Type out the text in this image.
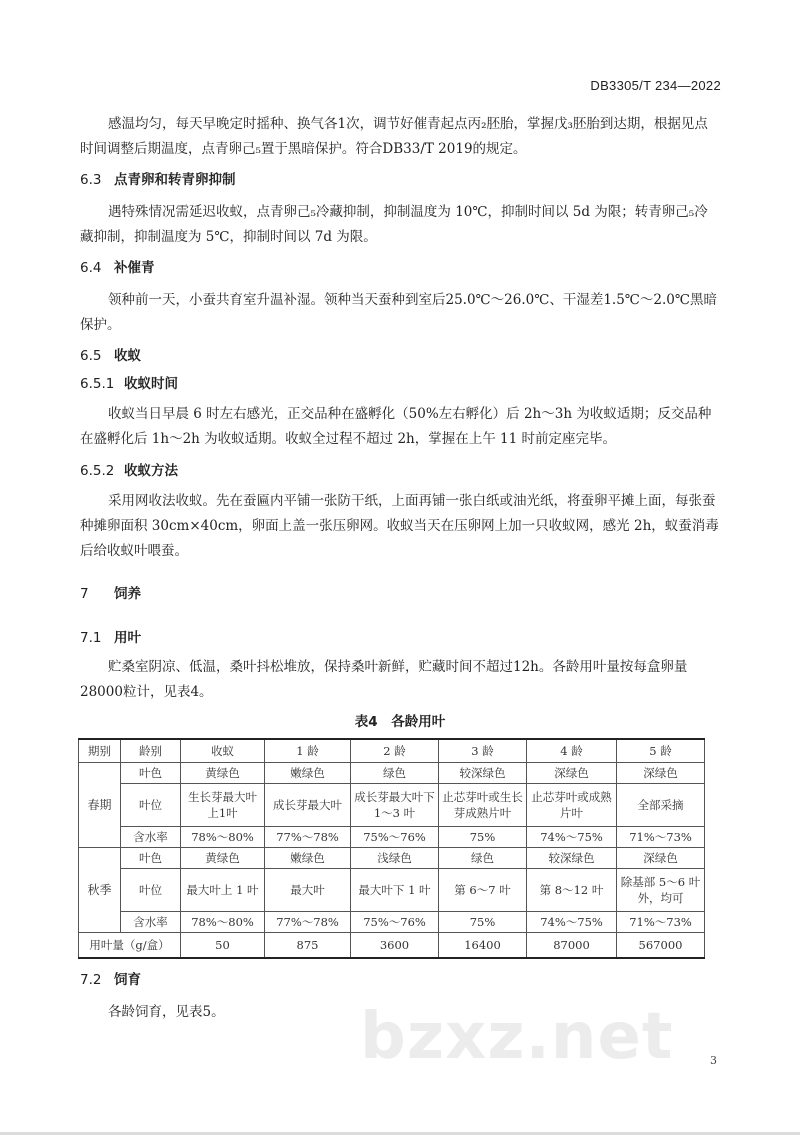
DB3305/T 234—2022
感温均匀，每天早晚定时摇种、换气各1次，调节好催青起点丙₂胚胎，掌握戊₃胚胎到达期，根据见点时间调整后期温度，点青卵己₅置于黑暗保护。符合DB33/T 2019的规定。
6.3 点青卵和转青卵抑制
遇特殊情况需延迟收蚁，点青卵己₅冷藏抑制，抑制温度为 10℃，抑制时间以 5d 为限；转青卵己₅冷藏抑制，抑制温度为 5℃，抑制时间以 7d 为限。
6.4 补催青
领种前一天，小蚕共育室升温补湿。领种当天蚕种到室后25.0℃～26.0℃、干湿差1.5℃～2.0℃黑暗保护。
6.5 收蚁
6.5.1 收蚁时间
收蚁当日早晨 6 时左右感光，正交品种在盛孵化（50%左右孵化）后 2h～3h 为收蚁适期；反交品种在盛孵化后 1h～2h 为收蚁适期。收蚁全过程不超过 2h，掌握在上午 11 时前定座完毕。
6.5.2 收蚁方法
采用网收法收蚁。先在蚕匾内平铺一张防干纸，上面再铺一张白纸或油光纸，将蚕卵平摊上面，每张蚕种摊卵面积 30cm×40cm，卵面上盖一张压卵网。收蚁当天在压卵网上加一只收蚁网，感光 2h，蚁蚕消毒后给收蚁叶喂蚕。
7 饲养
7.1 用叶
贮桑室阴凉、低温，桑叶抖松堆放，保持桑叶新鲜，贮藏时间不超过12h。各龄用叶量按每盒卵量28000粒计，见表4。
表4　各龄用叶
期别	龄别	收蚁	1 龄	2 龄	3 龄	4 龄	5 龄
春期	叶色	黄绿色	嫩绿色	绿色	较深绿色	深绿色	深绿色
	叶位	生长芽最大叶上1叶	成长芽最大叶	成长芽最大叶下 1～3 叶	止芯芽叶或生长芽成熟片叶	止芯芽叶或成熟片叶	全部采摘
	含水率	78%～80%	77%～78%	75%～76%	75%	74%～75%	71%～73%
秋季	叶色	黄绿色	嫩绿色	浅绿色	绿色	较深绿色	深绿色
	叶位	最大叶上 1 叶	最大叶	最大叶下 1 叶	第 6～7 叶	第 8～12 叶	除基部 5～6 叶外，均可
	含水率	78%～80%	77%～78%	75%～76%	75%	74%～75%	71%～73%
用叶量（g/盒）		50	875	3600	16400	87000	567000
7.2 饲育
各龄饲育，见表5。	bzxz.net	3
